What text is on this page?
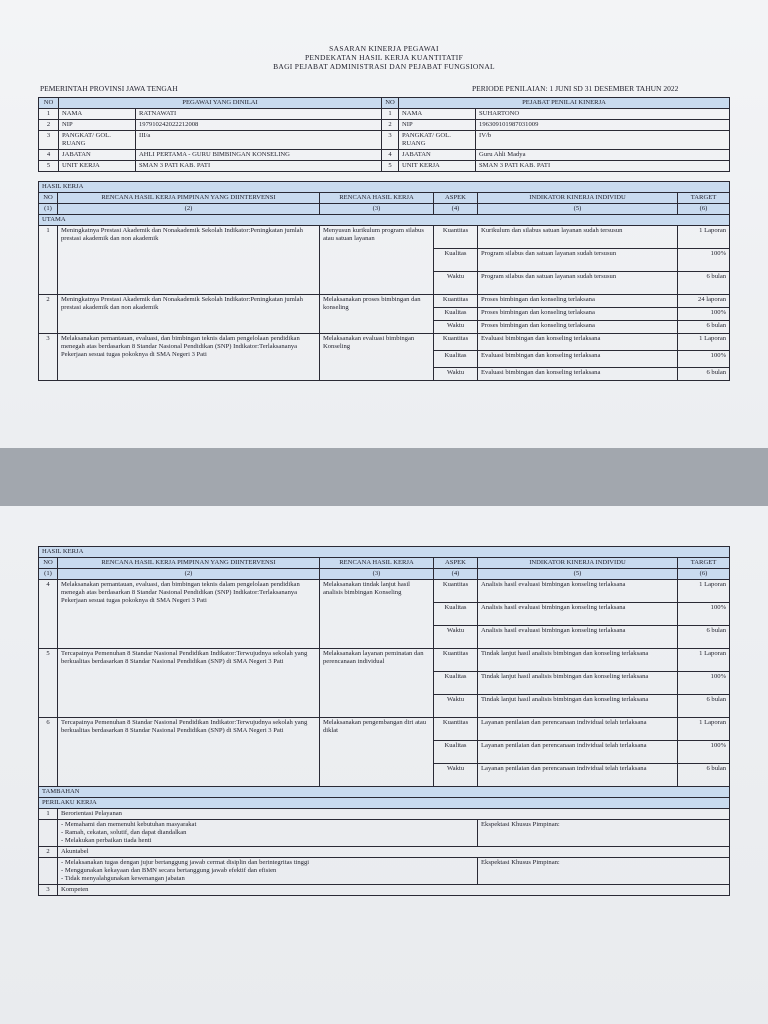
SASARAN KINERJA PEGAWAI
PENDEKATAN HASIL KERJA KUANTITATIF
BAGI PEJABAT ADMINISTRASI DAN PEJABAT FUNGSIONAL
PEMERINTAH PROVINSI JAWA TENGAH	PERIODE PENILAIAN: 1 JUNI SD 31 DESEMBER TAHUN 2022
NO	PEGAWAI YANG DINILAI		NO	PEJABAT PENILAI KINERJA	
1	NAMA	RATNAWATI	1	NAMA	SUHARTONO
2	NIP	197910242022212008	2	NIP	196309101987031009
3	PANGKAT/ GOL. RUANG	III/a	3	PANGKAT/ GOL. RUANG	IV/b
4	JABATAN	AHLI PERTAMA - GURU BIMBINGAN KONSELING	4	JABATAN	Guru Ahli Madya
5	UNIT KERJA	SMAN 3 PATI KAB. PATI	5	UNIT KERJA	SMAN 3 PATI KAB. PATI
HASIL KERJA					
NO	RENCANA HASIL KERJA PIMPINAN YANG DIINTERVENSI	RENCANA HASIL KERJA	ASPEK	INDIKATOR KINERJA INDIVIDU	TARGET
(1)	(2)	(3)	(4)	(5)	(6)
UTAMA					
1	Meningkatnya Prestasi Akademik dan Nonakademik Sekolah Indikator:Peningkatan jumlah prestasi akademik dan non akademik	Menyusun kurikulum program silabus atau satuan layanan	Kuantitas	Kurikulum dan silabus satuan layanan sudah tersusun	1 Laporan
			Kualitas	Program silabus dan satuan layanan sudah tersusun	100%
			Waktu	Program silabus dan satuan layanan sudah tersusun	6 bulan
2	Meningkatnya Prestasi Akademik dan Nonakademik Sekolah Indikator:Peningkatan jumlah prestasi akademik dan non akademik	Melaksanakan proses bimbingan dan konseling	Kuantitas	Proses bimbingan dan konseling terlaksana	24 laporan
			Kualitas	Proses bimbingan dan konseling terlaksana	100%
			Waktu	Proses bimbingan dan konseling terlaksana	6 bulan
3	Melaksanakan pemantauan, evaluasi, dan bimbingan teknis dalam pengelolaan pendidikan menegah atas berdasarkan 8 Standar Nasional Pendidikan (SNP) Indikator:Terlaksananya Pekerjaan sesuai tugas pokoknya di SMA Negeri 3 Pati	Melaksanakan evaluasi bimbingan Konseling	Kuantitas	Evaluasi bimbingan dan konseling terlaksana	1 Laporan
			Kualitas	Evaluasi bimbingan dan konseling terlaksana	100%
			Waktu	Evaluasi bimbingan dan konseling terlaksana	6 bulan
HASIL KERJA					
NO	RENCANA HASIL KERJA PIMPINAN YANG DIINTERVENSI	RENCANA HASIL KERJA	ASPEK	INDIKATOR KINERJA INDIVIDU	TARGET
(1)	(2)	(3)	(4)	(5)	(6)
4	Melaksanakan pemantauan, evaluasi, dan bimbingan teknis dalam pengelolaan pendidikan menegah atas berdasarkan 8 Standar Nasional Pendidikan (SNP) Indikator:Terlaksananya Pekerjaan sesuai tugas pokoknya di SMA Negeri 3 Pati	Melaksanakan tindak lanjut hasil analisis bimbingan Konseling	Kuantitas	Analisis hasil evaluasi bimbingan konseling terlaksana	1 Laporan
			Kualitas	Analisis hasil evaluasi bimbingan konseling terlaksana	100%
			Waktu	Analisis hasil evaluasi bimbingan konseling terlaksana	6 bulan
5	Tercapainya Pemenuhan 8 Standar Nasional Pendidikan Indikator:Terwujudnya sekolah yang berkualitas berdasarkan 8 Standar Nasional Pendidikan (SNP) di SMA Negeri 3 Pati	Melaksanakan layanan peminatan dan perencanaan individual	Kuantitas	Tindak lanjut hasil analisis bimbingan dan konseling terlaksana	1 Laporan
			Kualitas	Tindak lanjut hasil analisis bimbingan dan konseling terlaksana	100%
			Waktu	Tindak lanjut hasil analisis bimbingan dan konseling terlaksana	6 bulan
6	Tercapainya Pemenuhan 8 Standar Nasional Pendidikan Indikator:Terwujudnya sekolah yang berkualitas berdasarkan 8 Standar Nasional Pendidikan (SNP) di SMA Negeri 3 Pati	Melaksanakan pengembangan diri atau diklat	Kuantitas	Layanan penilaian dan perencanaan individual telah terlaksana	1 Laporan
			Kualitas	Layanan penilaian dan perencanaan individual telah terlaksana	100%
			Waktu	Layanan penilaian dan perencanaan individual telah terlaksana	6 bulan
TAMBAHAN					
PERILAKU KERJA					
1	Berorientasi Pelayanan				

	- Memahami dan memenuhi kebutuhan masyarakat
- Ramah, cekatan, solutif, dan dapat diandalkan
- Melakukan perbaikan tiada henti			Ekspektasi Khusus Pimpinan:	
2	Akuntabel				

	- Melaksanakan tugas dengan jujur bertanggung jawab cermat disiplin dan berintegritas tinggi
- Menggunakan kekayaan dan BMN secara bertanggung jawab efektif dan efisien
- Tidak menyalahgunakan kewenangan jabatan			Ekspektasi Khusus Pimpinan:	
3	Kompeten				
